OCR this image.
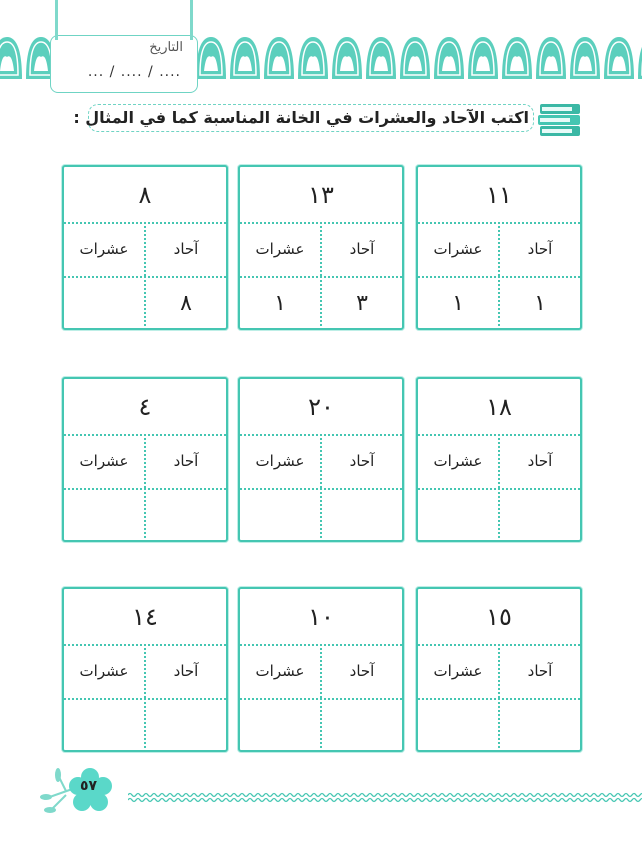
التاريخ
... / .... / ....
اكتب الآحاد والعشرات في الخانة المناسبة كما في المثال :
١١
آحاد
عشرات
١
١
١٣
آحاد
عشرات
٣
١
٨
آحاد
عشرات
٨
١٨
آحاد
عشرات
٢٠
آحاد
عشرات
٤
آحاد
عشرات
١٥
آحاد
عشرات
١٠
آحاد
عشرات
١٤
آحاد
عشرات
٥٧
